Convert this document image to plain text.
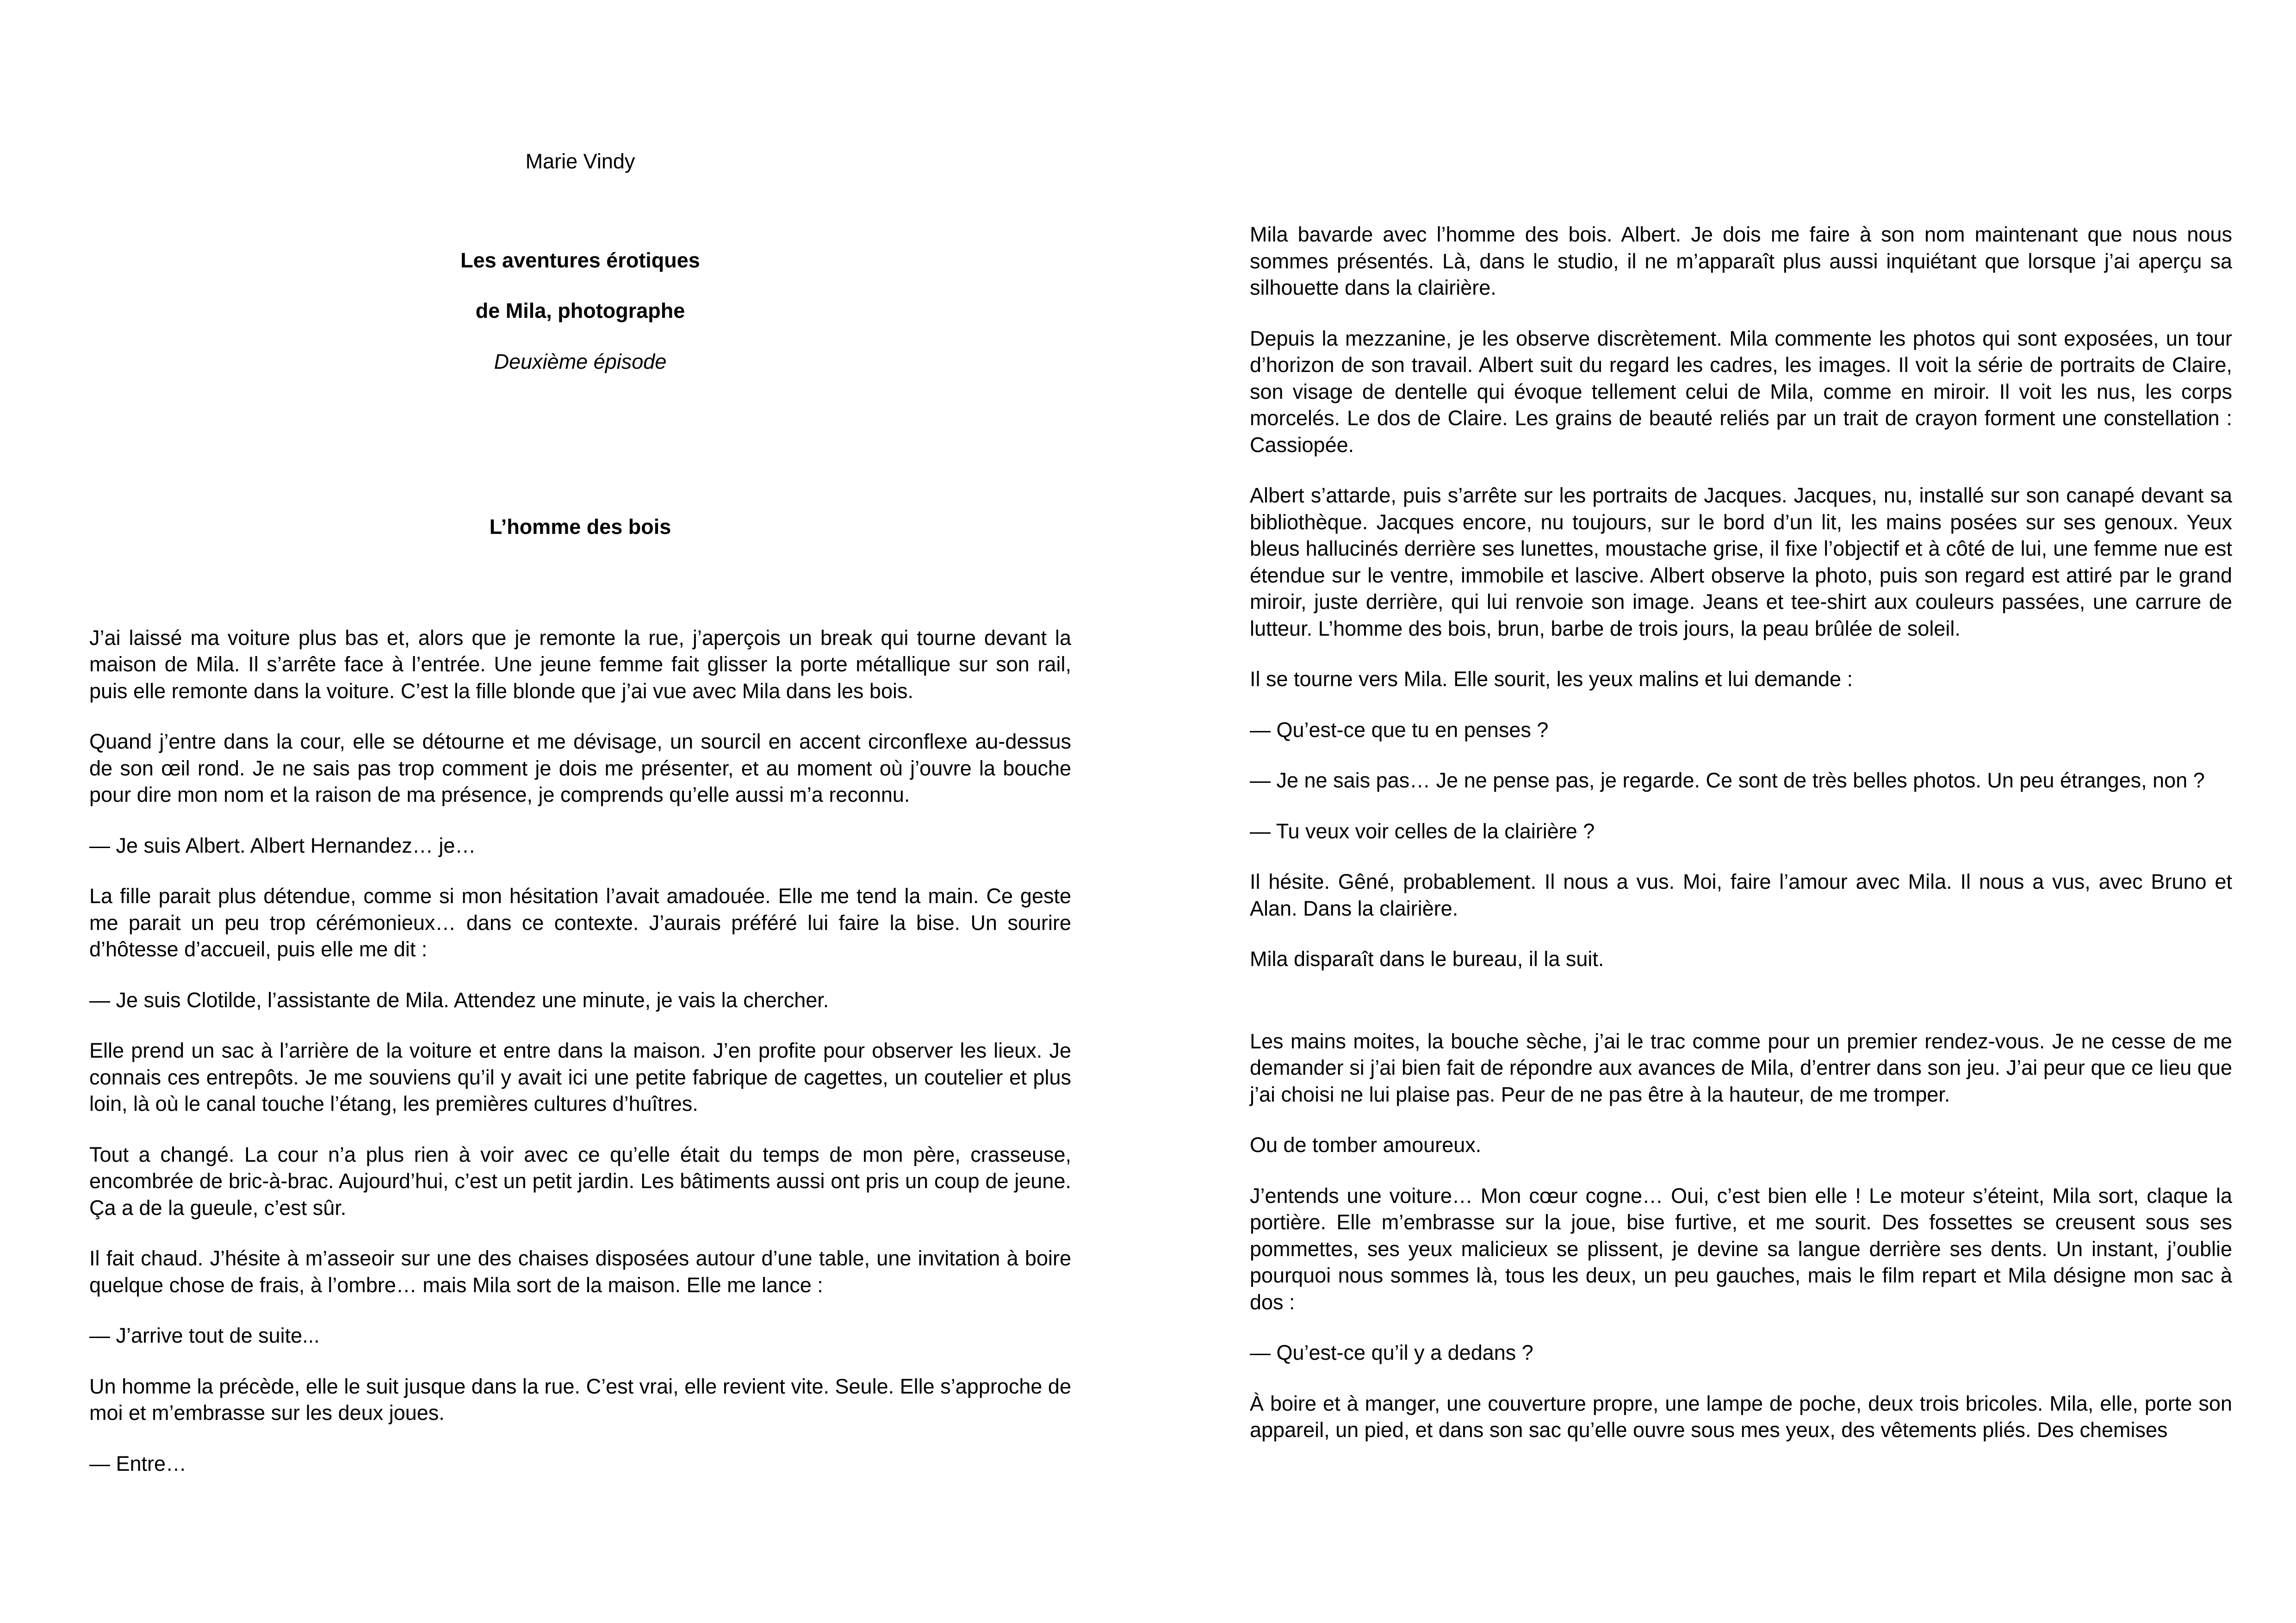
Marie Vindy

Les aventures érotiques

de Mila, photographe

Deuxième épisode

L’homme des bois

J’ai laissé ma voiture plus bas et, alors que je remonte la rue, j’aperçois un break qui tourne devant la maison de Mila. Il s’arrête face à l’entrée. Une jeune femme fait glisser la porte métallique sur son rail, puis elle remonte dans la voiture. C’est la fille blonde que j’ai vue avec Mila dans les bois.

Quand j’entre dans la cour, elle se détourne et me dévisage, un sourcil en accent circonflexe au-dessus de son œil rond. Je ne sais pas trop comment je dois me présenter, et au moment où j’ouvre la bouche pour dire mon nom et la raison de ma présence, je comprends qu’elle aussi m’a reconnu.

— Je suis Albert. Albert Hernandez… je…

La fille parait plus détendue, comme si mon hésitation l’avait amadouée. Elle me tend la main. Ce geste me parait un peu trop cérémonieux… dans ce contexte. J’aurais préféré lui faire la bise. Un sourire d’hôtesse d’accueil, puis elle me dit :

— Je suis Clotilde, l’assistante de Mila. Attendez une minute, je vais la chercher.

Elle prend un sac à l’arrière de la voiture et entre dans la maison. J’en profite pour observer les lieux. Je connais ces entrepôts. Je me souviens qu’il y avait ici une petite fabrique de cagettes, un coutelier et plus loin, là où le canal touche l’étang, les premières cultures d’huîtres.

Tout a changé. La cour n’a plus rien à voir avec ce qu’elle était du temps de mon père, crasseuse, encombrée de bric-à-brac. Aujourd’hui, c’est un petit jardin. Les bâtiments aussi ont pris un coup de jeune. Ça a de la gueule, c’est sûr.

Il fait chaud. J’hésite à m’asseoir sur une des chaises disposées autour d’une table, une invitation à boire quelque chose de frais, à l’ombre… mais Mila sort de la maison. Elle me lance :

— J’arrive tout de suite...

Un homme la précède, elle le suit jusque dans la rue. C’est vrai, elle revient vite. Seule. Elle s’approche de moi et m’embrasse sur les deux joues.

— Entre…

Mila bavarde avec l’homme des bois. Albert. Je dois me faire à son nom maintenant que nous nous sommes présentés. Là, dans le studio, il ne m’apparaît plus aussi inquiétant que lorsque j’ai aperçu sa silhouette dans la clairière.

Depuis la mezzanine, je les observe discrètement. Mila commente les photos qui sont exposées, un tour d’horizon de son travail. Albert suit du regard les cadres, les images. Il voit la série de portraits de Claire, son visage de dentelle qui évoque tellement celui de Mila, comme en miroir. Il voit les nus, les corps morcelés. Le dos de Claire. Les grains de beauté reliés par un trait de crayon forment une constellation : Cassiopée.

Albert s’attarde, puis s’arrête sur les portraits de Jacques. Jacques, nu, installé sur son canapé devant sa bibliothèque. Jacques encore, nu toujours, sur le bord d’un lit, les mains posées sur ses genoux. Yeux bleus hallucinés derrière ses lunettes, moustache grise, il fixe l’objectif et à côté de lui, une femme nue est étendue sur le ventre, immobile et lascive. Albert observe la photo, puis son regard est attiré par le grand miroir, juste derrière, qui lui renvoie son image. Jeans et tee-shirt aux couleurs passées, une carrure de lutteur. L’homme des bois, brun, barbe de trois jours, la peau brûlée de soleil.

Il se tourne vers Mila. Elle sourit, les yeux malins et lui demande :

— Qu’est-ce que tu en penses ?

— Je ne sais pas… Je ne pense pas, je regarde. Ce sont de très belles photos. Un peu étranges, non ?

— Tu veux voir celles de la clairière ?

Il hésite. Gêné, probablement. Il nous a vus. Moi, faire l’amour avec Mila. Il nous a vus, avec Bruno et Alan. Dans la clairière.

Mila disparaît dans le bureau, il la suit.

Les mains moites, la bouche sèche, j’ai le trac comme pour un premier rendez-vous. Je ne cesse de me demander si j’ai bien fait de répondre aux avances de Mila, d’entrer dans son jeu. J’ai peur que ce lieu que j’ai choisi ne lui plaise pas. Peur de ne pas être à la hauteur, de me tromper.

Ou de tomber amoureux.

J’entends une voiture… Mon cœur cogne… Oui, c’est bien elle ! Le moteur s’éteint, Mila sort, claque la portière. Elle m’embrasse sur la joue, bise furtive, et me sourit. Des fossettes se creusent sous ses pommettes, ses yeux malicieux se plissent, je devine sa langue derrière ses dents. Un instant, j’oublie pourquoi nous sommes là, tous les deux, un peu gauches, mais le film repart et Mila désigne mon sac à dos :

— Qu’est-ce qu’il y a dedans ?

À boire et à manger, une couverture propre, une lampe de poche, deux trois bricoles. Mila, elle, porte son appareil, un pied, et dans son sac qu’elle ouvre sous mes yeux, des vêtements pliés. Des chemises
